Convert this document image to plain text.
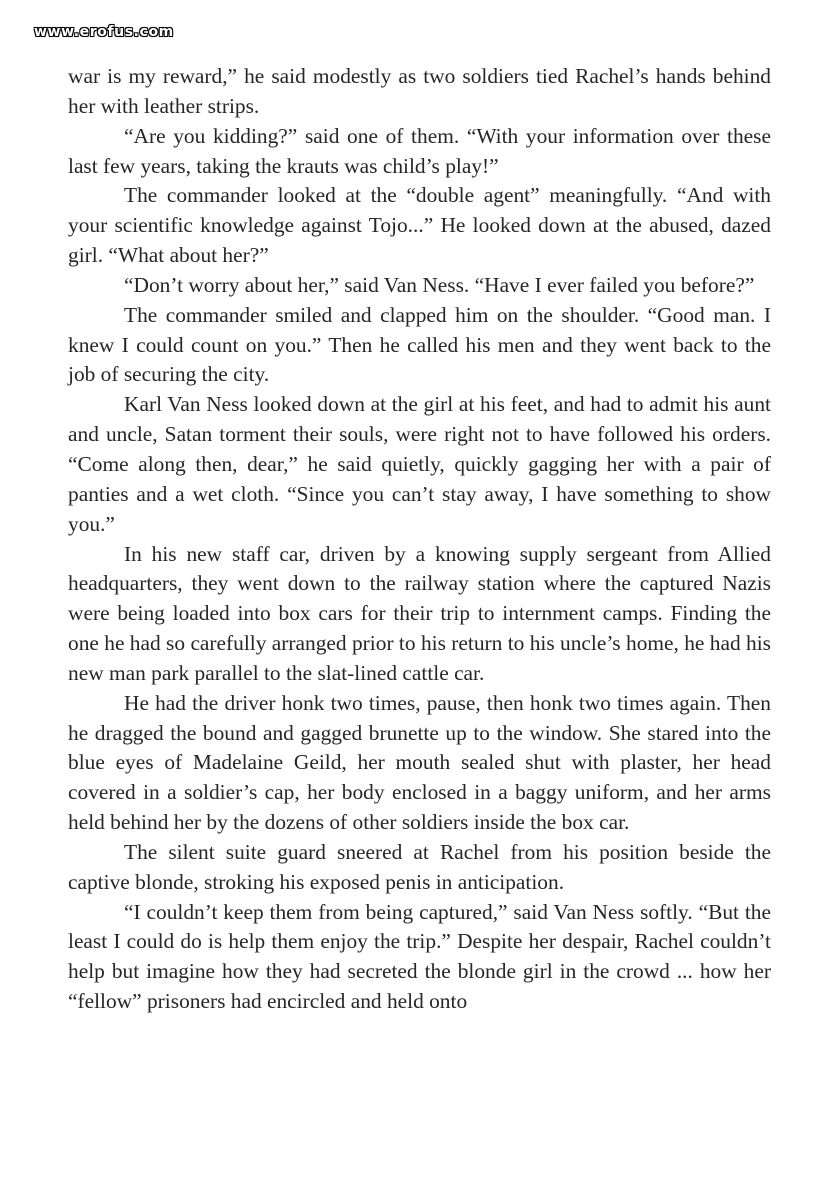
www.erofus.com

war is my reward,” he said modestly as two soldiers tied Rachel’s hands behind her with leather strips.

“Are you kidding?” said one of them. “With your information over these last few years, taking the krauts was child’s play!”

The commander looked at the “double agent” meaningfully. “And with your scientific knowledge against Tojo...” He looked down at the abused, dazed girl. “What about her?”

“Don’t worry about her,” said Van Ness. “Have I ever failed you before?”

The commander smiled and clapped him on the shoulder. “Good man. I knew I could count on you.” Then he called his men and they went back to the job of securing the city.

Karl Van Ness looked down at the girl at his feet, and had to admit his aunt and uncle, Satan torment their souls, were right not to have followed his orders. “Come along then, dear,” he said quietly, quickly gagging her with a pair of panties and a wet cloth. “Since you can’t stay away, I have something to show you.”

In his new staff car, driven by a knowing supply sergeant from Allied headquarters, they went down to the railway station where the captured Nazis were being loaded into box cars for their trip to internment camps. Finding the one he had so carefully arranged prior to his return to his uncle’s home, he had his new man park parallel to the slat-lined cattle car.

He had the driver honk two times, pause, then honk two times again. Then he dragged the bound and gagged brunette up to the window. She stared into the blue eyes of Madelaine Geild, her mouth sealed shut with plaster, her head covered in a soldier’s cap, her body enclosed in a baggy uniform, and her arms held behind her by the dozens of other soldiers inside the box car.

The silent suite guard sneered at Rachel from his position beside the captive blonde, stroking his exposed penis in anticipation.

“I couldn’t keep them from being captured,” said Van Ness softly. “But the least I could do is help them enjoy the trip.” Despite her despair, Rachel couldn’t help but imagine how they had secreted the blonde girl in the crowd ... how her “fellow” prisoners had encircled and held onto
